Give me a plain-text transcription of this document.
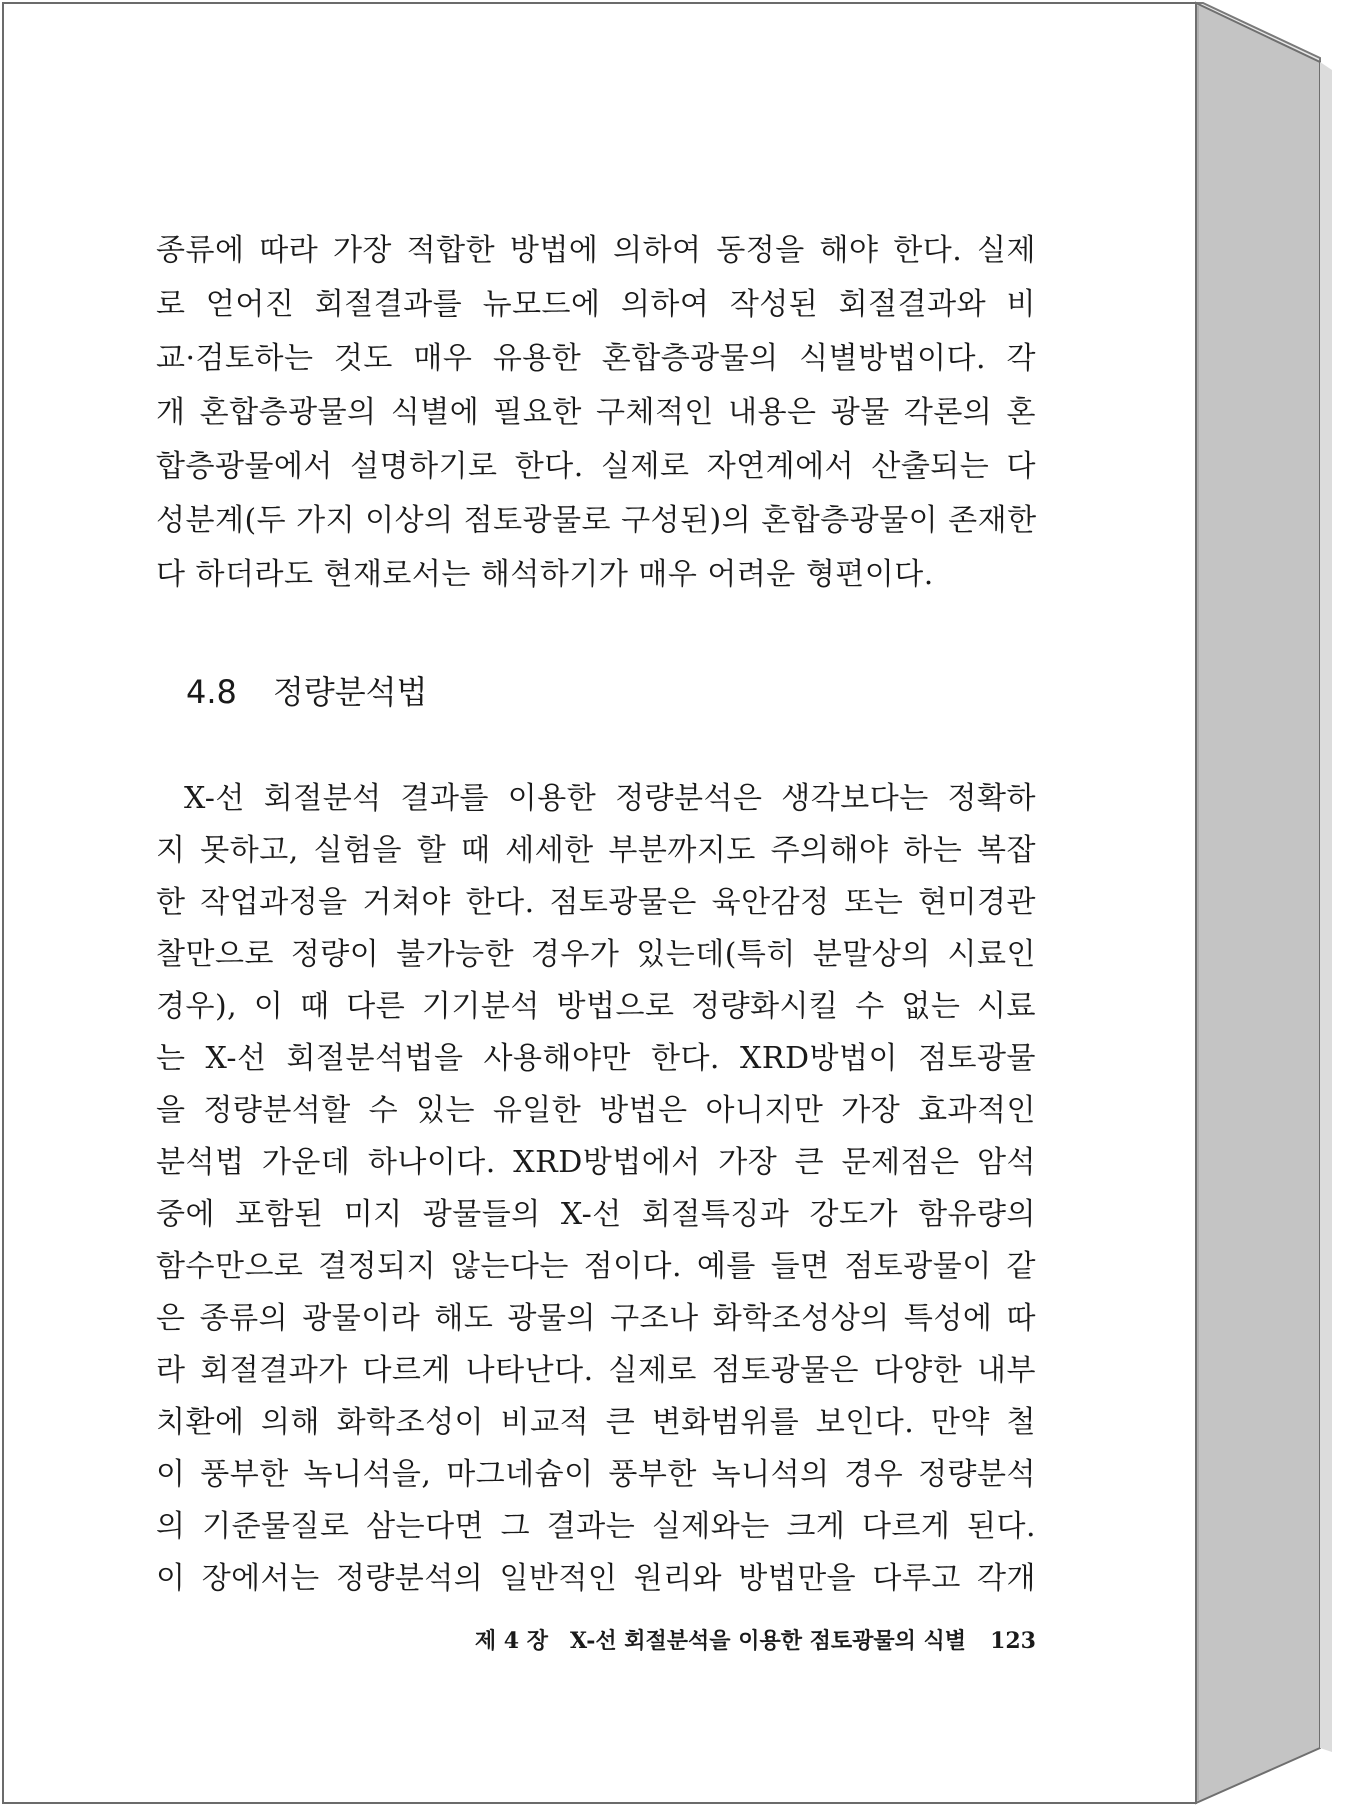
종류에 따라 가장 적합한 방법에 의하여 동정을 해야 한다. 실제
로 얻어진 회절결과를 뉴모드에 의하여 작성된 회절결과와 비
교·검토하는 것도 매우 유용한 혼합층광물의 식별방법이다. 각
개 혼합층광물의 식별에 필요한 구체적인 내용은 광물 각론의 혼
합층광물에서 설명하기로 한다. 실제로 자연계에서 산출되는 다
성분계(두 가지 이상의 점토광물로 구성된)의 혼합층광물이 존재한
다 하더라도 현재로서는 해석하기가 매우 어려운 형편이다.
4.8 정량분석법
X-선 회절분석 결과를 이용한 정량분석은 생각보다는 정확하
지 못하고, 실험을 할 때 세세한 부분까지도 주의해야 하는 복잡
한 작업과정을 거쳐야 한다. 점토광물은 육안감정 또는 현미경관
찰만으로 정량이 불가능한 경우가 있는데(특히 분말상의 시료인
경우), 이 때 다른 기기분석 방법으로 정량화시킬 수 없는 시료
는 X-선 회절분석법을 사용해야만 한다. XRD방법이 점토광물
을 정량분석할 수 있는 유일한 방법은 아니지만 가장 효과적인
분석법 가운데 하나이다. XRD방법에서 가장 큰 문제점은 암석
중에 포함된 미지 광물들의 X-선 회절특징과 강도가 함유량의
함수만으로 결정되지 않는다는 점이다. 예를 들면 점토광물이 같
은 종류의 광물이라 해도 광물의 구조나 화학조성상의 특성에 따
라 회절결과가 다르게 나타난다. 실제로 점토광물은 다양한 내부
치환에 의해 화학조성이 비교적 큰 변화범위를 보인다. 만약 철
이 풍부한 녹니석을, 마그네슘이 풍부한 녹니석의 경우 정량분석
의 기준물질로 삼는다면 그 결과는 실제와는 크게 다르게 된다.
이 장에서는 정량분석의 일반적인 원리와 방법만을 다루고 각개
제 4 장 X-선 회절분석을 이용한 점토광물의 식별 123
